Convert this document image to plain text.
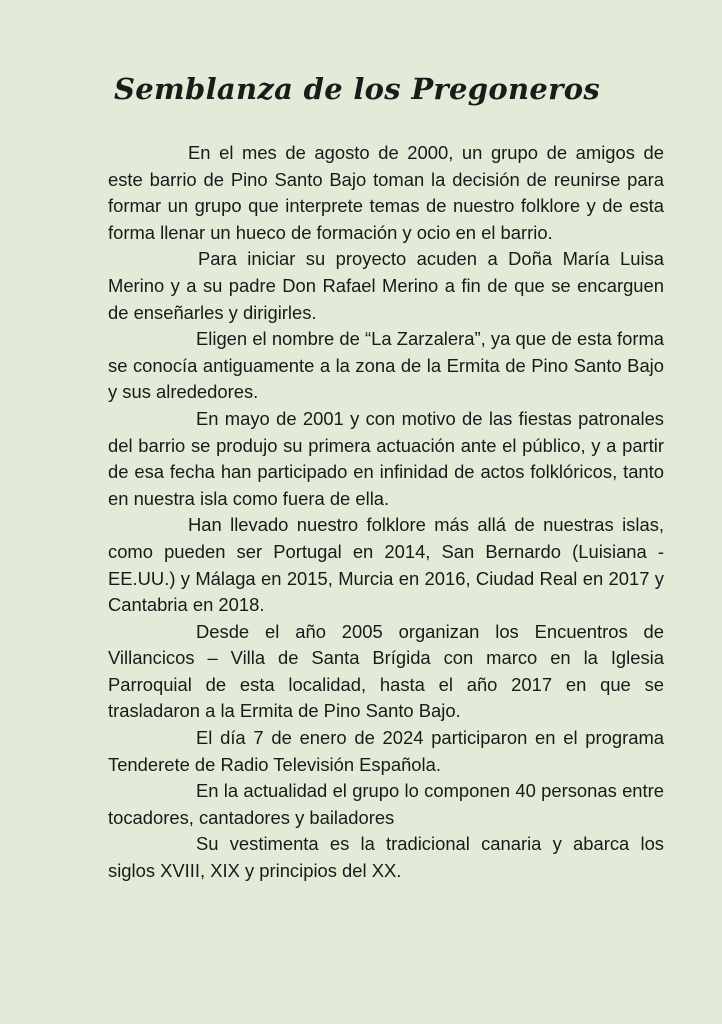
Semblanza de los Pregoneros

En el mes de agosto de 2000, un grupo de amigos de este barrio de Pino Santo Bajo toman la decisión de reunirse para formar un grupo que interprete temas de nuestro folklore y de esta forma llenar un hueco de formación y ocio en el barrio.

Para iniciar su proyecto acuden a Doña María Luisa Merino y a su padre Don Rafael Merino a fin de que se encarguen de enseñarles y dirigirles.

Eligen el nombre de “La Zarzalera”, ya que de esta forma se conocía antiguamente a la zona de la Ermita de Pino Santo Bajo y sus alrededores.

En mayo de 2001 y con motivo de las fiestas patronales del barrio se produjo su primera actuación ante el público, y a partir de esa fecha han participado en infinidad de actos folklóricos, tanto en nuestra isla como fuera de ella.

Han llevado nuestro folklore más allá de nuestras islas, como pueden ser Portugal en 2014, San Bernardo (Luisiana - EE.UU.) y Málaga en 2015, Murcia en 2016, Ciudad Real en 2017 y Cantabria en 2018.

Desde el año 2005 organizan los Encuentros de Villancicos – Villa de Santa Brígida con marco en la Iglesia Parroquial de esta localidad, hasta el año 2017 en que se trasladaron a la Ermita de Pino Santo Bajo.

El día 7 de enero de 2024 participaron en el programa Tenderete de Radio Televisión Española.

En la actualidad el grupo lo componen 40 personas entre tocadores, cantadores y bailadores

Su vestimenta es la tradicional canaria y abarca los siglos XVIII, XIX y principios del XX.
